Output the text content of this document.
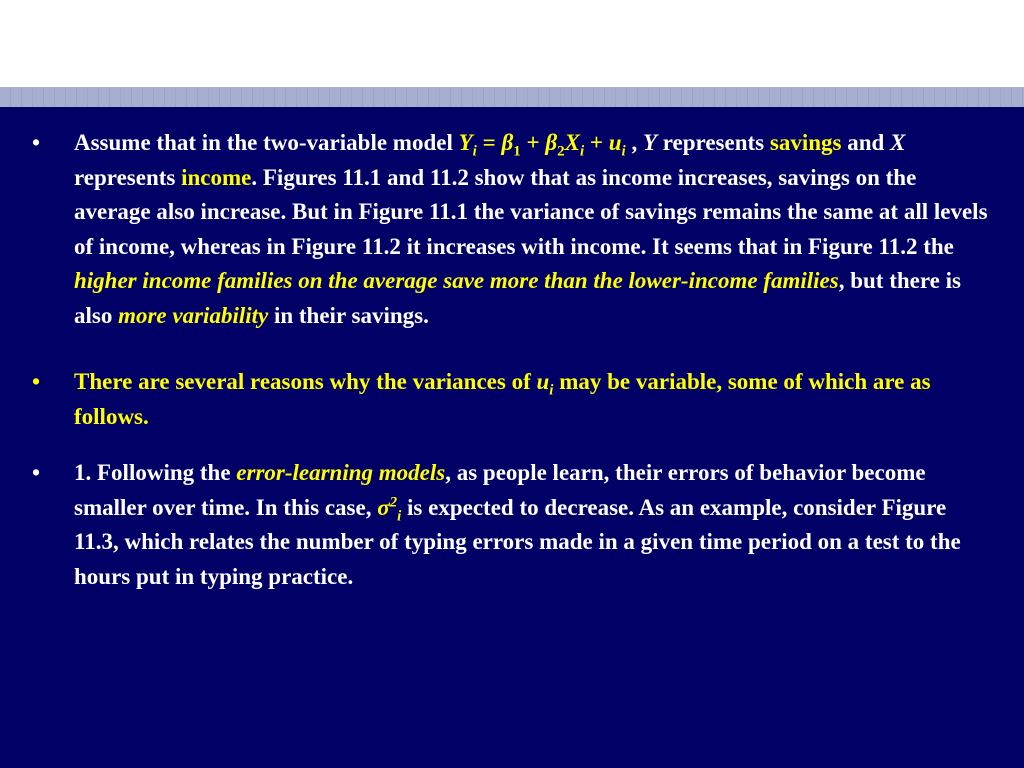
• Assume that in the two-variable model $Y_i = \beta_1 + \beta_2X_i + u_i$ , Y represents savings and X represents income. Figures 11.1 and 11.2 show that as income increases, savings on the average also increase. But in Figure 11.1 the variance of savings remains the same at all levels of income, whereas in Figure 11.2 it increases with income. It seems that in Figure 11.2 the higher income families on the average save more than the lower-income families, but there is also more variability in their savings.
• There are several reasons why the variances of $u_i$ may be variable, some of which are as follows.
• 1. Following the error-learning models, as people learn, their errors of behavior become smaller over time. In this case, $\sigma^2_i$ is expected to decrease. As an example, consider Figure 11.3, which relates the number of typing errors made in a given time period on a test to the hours put in typing practice.
